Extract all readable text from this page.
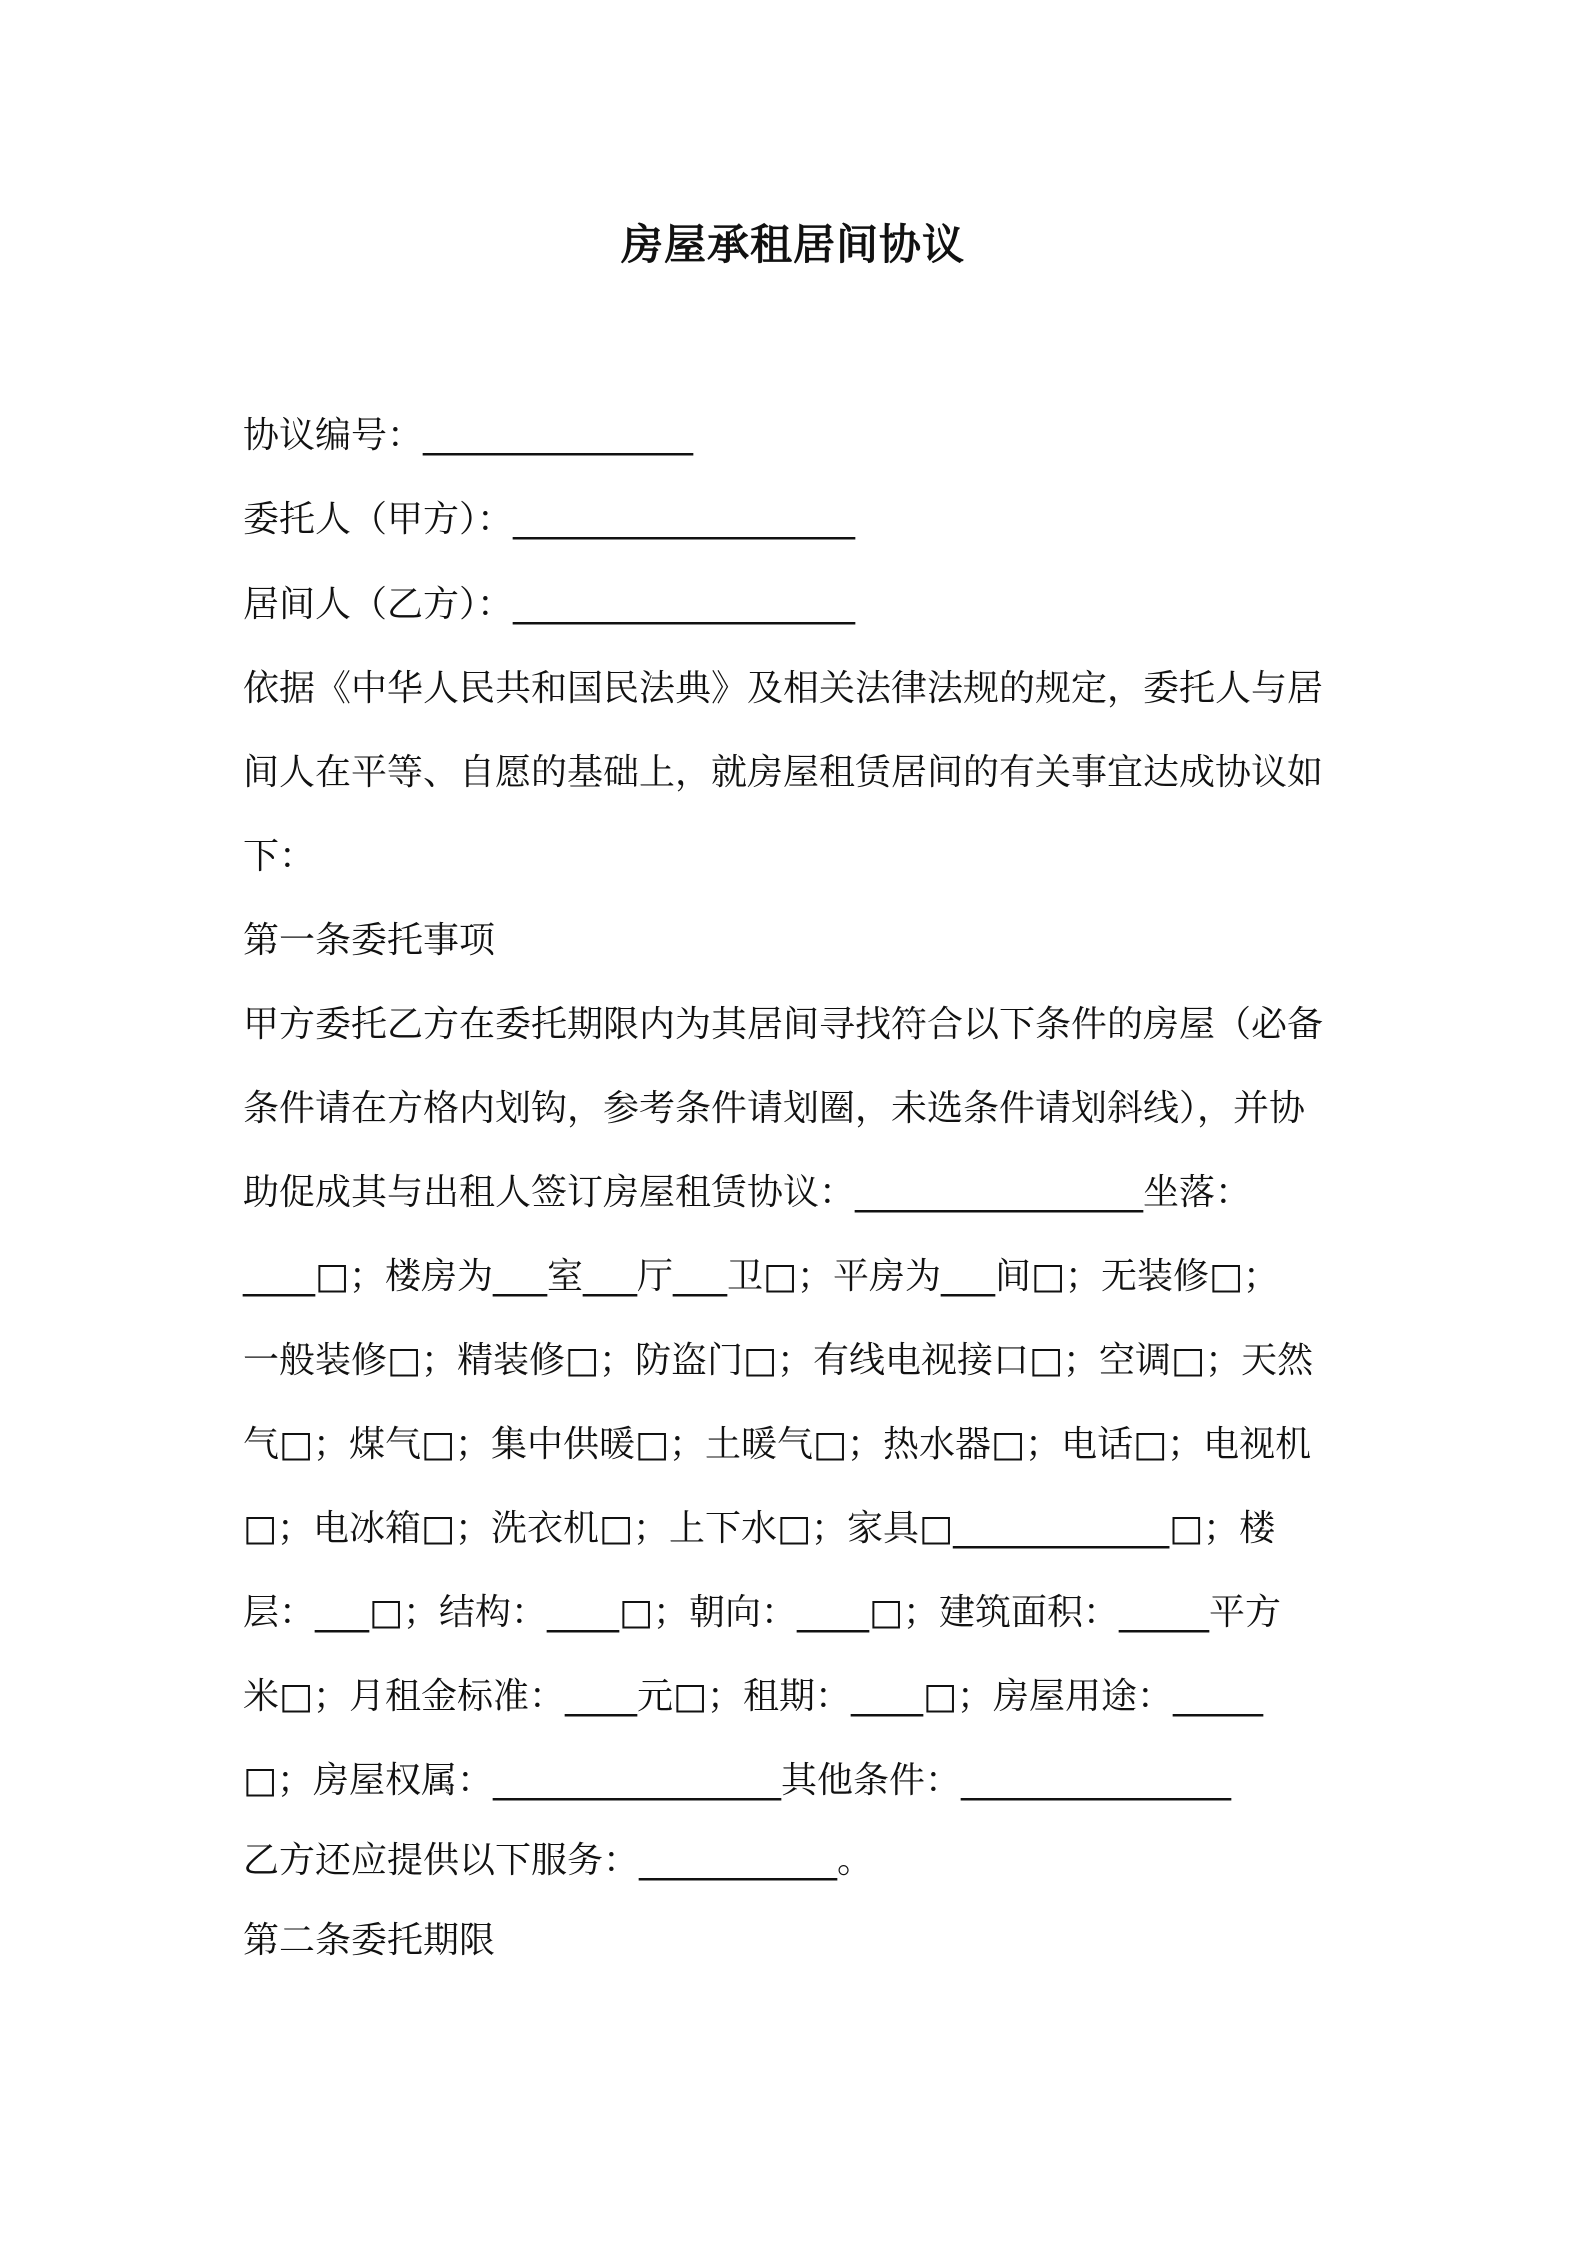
房屋承租居间协议
协议编号：_______________
委托人（甲方）：___________________
居间人（乙方）：___________________
依据《中华人民共和国民法典》及相关法律法规的规定，委托人与居
间人在平等、自愿的基础上，就房屋租赁居间的有关事宜达成协议如
下：
第一条委托事项
甲方委托乙方在委托期限内为其居间寻找符合以下条件的房屋（必备
条件请在方格内划钩，参考条件请划圈，未选条件请划斜线），并协
助促成其与出租人签订房屋租赁协议：________________坐落：
____□；楼房为___室___厅___卫□；平房为___间□；无装修□；
一般装修□；精装修□；防盗门□；有线电视接口□；空调□；天然
气□；煤气□；集中供暖□；土暖气□；热水器□；电话□；电视机
□；电冰箱□；洗衣机□；上下水□；家具□____________□；楼
层：___□；结构：____□；朝向：____□；建筑面积：_____平方
米□；月租金标准：____元□；租期：____□；房屋用途：_____
□；房屋权属：________________其他条件：_______________
乙方还应提供以下服务：___________。
第二条委托期限
